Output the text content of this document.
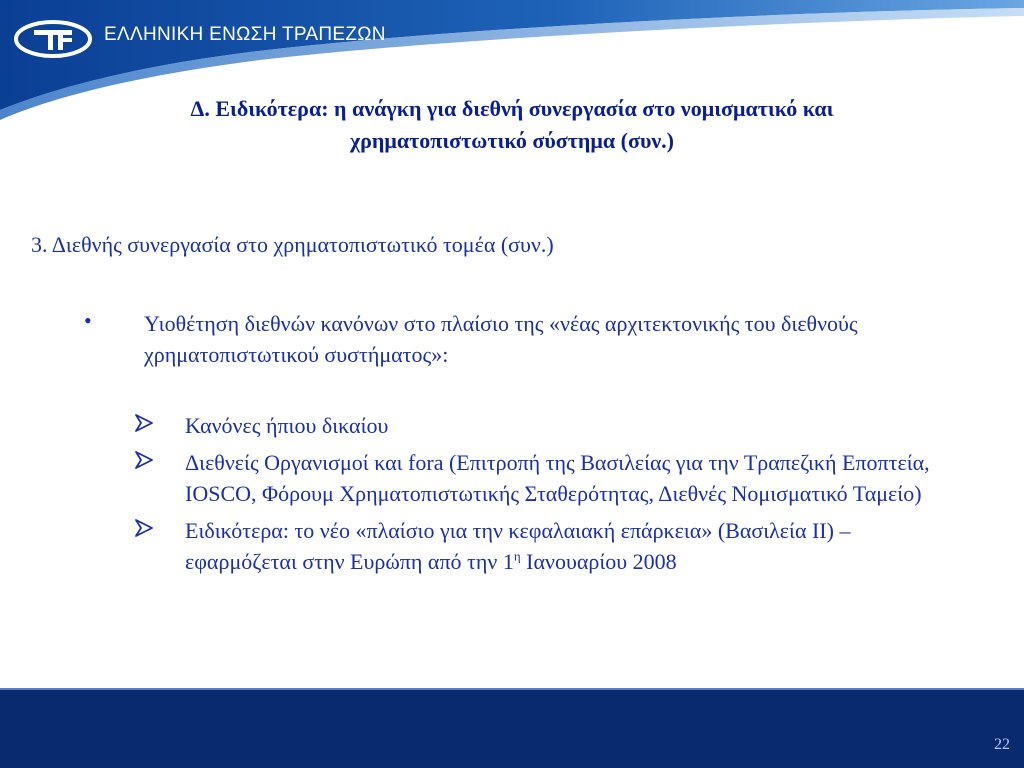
ΕΛΛΗΝΙΚΗ ΕΝΩΣΗ ΤΡΑΠΕΖΩΝ
Δ. Ειδικότερα: η ανάγκη για διεθνή συνεργασία στο νομισματικό και
χρηματοπιστωτικό σύστημα (συν.)
3. Διεθνής συνεργασία στο χρηματοπιστωτικό τομέα (συν.)
• Υιοθέτηση διεθνών κανόνων στο πλαίσιο της «νέας αρχιτεκτονικής του διεθνούς χρηματοπιστωτικού συστήματος»:
Κανόνες ήπιου δικαίου
Διεθνείς Οργανισμοί και fora (Επιτροπή της Βασιλείας για την Τραπεζική Εποπτεία, IOSCO, Φόρουμ Χρηματοπιστωτικής Σταθερότητας, Διεθνές Νομισματικό Ταμείο)
Ειδικότερα: το νέο «πλαίσιο για την κεφαλαιακή επάρκεια» (Βασιλεία ΙΙ) – εφαρμόζεται στην Ευρώπη από την $1^\eta$ Ιανουαρίου 2008
22
